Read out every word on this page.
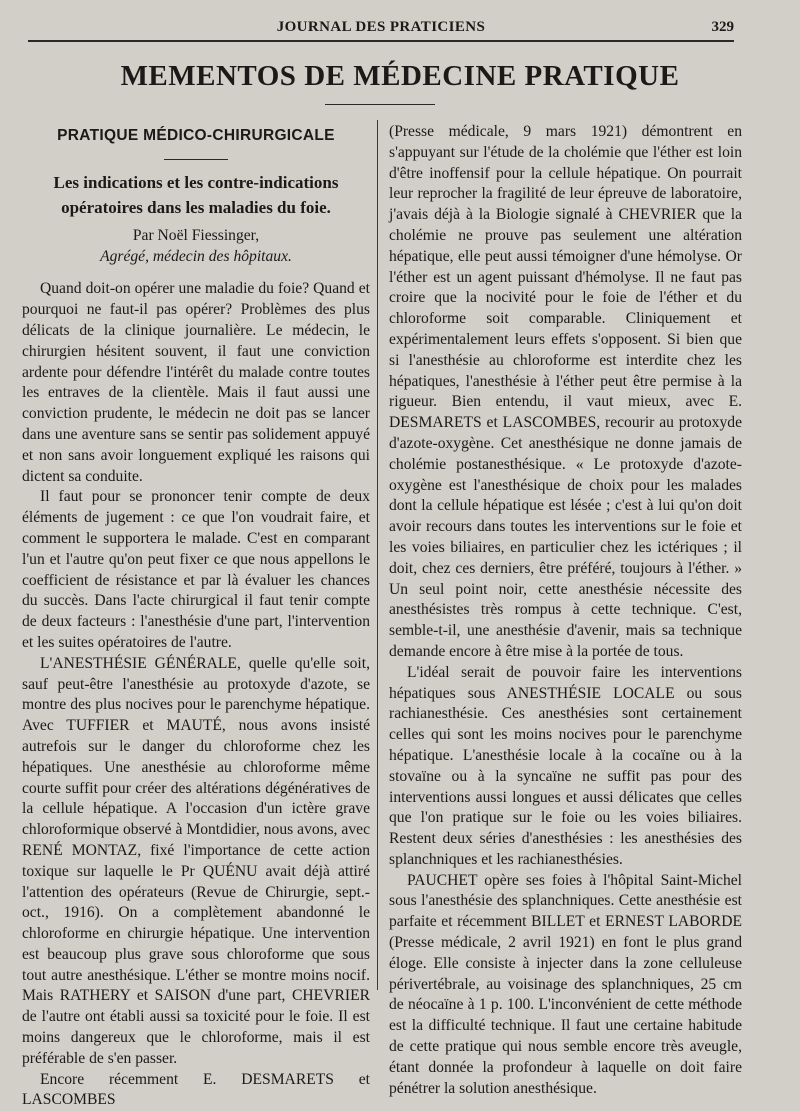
JOURNAL DES PRATICIENS	329
MEMENTOS DE MÉDECINE PRATIQUE
PRATIQUE MÉDICO-CHIRURGICALE
Les indications et les contre-indications opératoires dans les maladies du foie.
Par Noël Fiessinger,
Agrégé, médecin des hôpitaux.

Quand doit-on opérer une maladie du foie? Quand et pourquoi ne faut-il pas opérer? Problèmes des plus délicats de la clinique journalière. Le médecin, le chirurgien hésitent souvent, il faut une conviction ardente pour défendre l'intérêt du malade contre toutes les entraves de la clientèle. Mais il faut aussi une conviction prudente, le médecin ne doit pas se lancer dans une aventure sans se sentir pas solidement appuyé et non sans avoir longuement expliqué les raisons qui dictent sa conduite.

Il faut pour se prononcer tenir compte de deux éléments de jugement : ce que l'on voudrait faire, et comment le supportera le malade. C'est en comparant l'un et l'autre qu'on peut fixer ce que nous appellons le coefficient de résistance et par là évaluer les chances du succès. Dans l'acte chirurgical il faut tenir compte de deux facteurs : l'anesthésie d'une part, l'intervention et les suites opératoires de l'autre.

L'ANESTHÉSIE GÉNÉRALE, quelle qu'elle soit, sauf peut-être l'anesthésie au protoxyde d'azote, se montre des plus nocives pour le parenchyme hépatique. Avec TUFFIER et MAUTÉ, nous avons insisté autrefois sur le danger du chloroforme chez les hépatiques. Une anesthésie au chloroforme même courte suffit pour créer des altérations dégénératives de la cellule hépatique. A l'occasion d'un ictère grave chloroformique observé à Montdidier, nous avons, avec RENÉ MONTAZ, fixé l'importance de cette action toxique sur laquelle le Pr QUÉNU avait déjà attiré l'attention des opérateurs (Revue de Chirurgie, sept.-oct., 1916). On a complètement abandonné le chloroforme en chirurgie hépatique. Une intervention est beaucoup plus grave sous chloroforme que sous tout autre anesthésique. L'éther se montre moins nocif. Mais RATHERY et SAISON d'une part, CHEVRIER de l'autre ont établi aussi sa toxicité pour le foie. Il est moins dangereux que le chloroforme, mais il est préférable de s'en passer.

Encore récemment E. DESMARETS et LASCOMBES

(Presse médicale, 9 mars 1921) démontrent en s'appuyant sur l'étude de la cholémie que l'éther est loin d'être inoffensif pour la cellule hépatique. On pourrait leur reprocher la fragilité de leur épreuve de laboratoire, j'avais déjà à la Biologie signalé à CHEVRIER que la cholémie ne prouve pas seulement une altération hépatique, elle peut aussi témoigner d'une hémolyse. Or l'éther est un agent puissant d'hémolyse. Il ne faut pas croire que la nocivité pour le foie de l'éther et du chloroforme soit comparable. Cliniquement et expérimentalement leurs effets s'opposent. Si bien que si l'anesthésie au chloroforme est interdite chez les hépatiques, l'anesthésie à l'éther peut être permise à la rigueur. Bien entendu, il vaut mieux, avec E. DESMARETS et LASCOMBES, recourir au protoxyde d'azote-oxygène. Cet anesthésique ne donne jamais de cholémie postanesthésique. « Le protoxyde d'azote-oxygène est l'anesthésique de choix pour les malades dont la cellule hépatique est lésée ; c'est à lui qu'on doit avoir recours dans toutes les interventions sur le foie et les voies biliaires, en particulier chez les ictériques ; il doit, chez ces derniers, être préféré, toujours à l'éther. » Un seul point noir, cette anesthésie nécessite des anesthésistes très rompus à cette technique. C'est, semble-t-il, une anesthésie d'avenir, mais sa technique demande encore à être mise à la portée de tous.

L'idéal serait de pouvoir faire les interventions hépatiques sous ANESTHÉSIE LOCALE ou sous rachianesthésie. Ces anesthésies sont certainement celles qui sont les moins nocives pour le parenchyme hépatique. L'anesthésie locale à la cocaïne ou à la stovaïne ou à la syncaïne ne suffit pas pour des interventions aussi longues et aussi délicates que celles que l'on pratique sur le foie ou les voies biliaires. Restent deux séries d'anesthésies : les anesthésies des splanchniques et les rachianesthésies.

PAUCHET opère ses foies à l'hôpital Saint-Michel sous l'anesthésie des splanchniques. Cette anesthésie est parfaite et récemment BILLET et ERNEST LABORDE (Presse médicale, 2 avril 1921) en font le plus grand éloge. Elle consiste à injecter dans la zone celluleuse périvertébrale, au voisinage des splanchniques, 25 cm de néocaïne à 1 p. 100. L'inconvénient de cette méthode est la difficulté technique. Il faut une certaine habitude de cette pratique qui nous semble encore très aveugle, étant donnée la profondeur à laquelle on doit faire pénétrer la solution anesthésique.
